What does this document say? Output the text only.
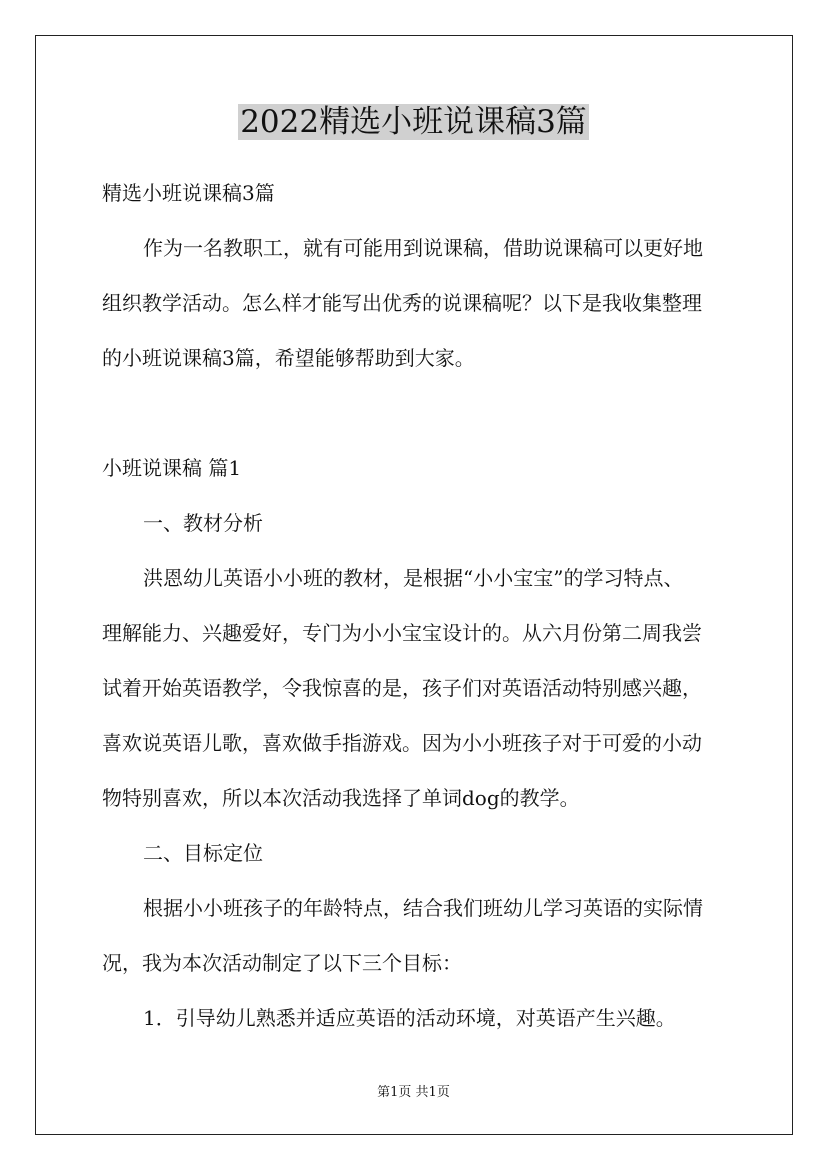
2022精选小班说课稿3篇
精选小班说课稿3篇
作为一名教职工，就有可能用到说课稿，借助说课稿可以更好地
组织教学活动。怎么样才能写出优秀的说课稿呢？以下是我收集整理
的小班说课稿3篇，希望能够帮助到大家。
小班说课稿 篇1
一、教材分析
洪恩幼儿英语小小班的教材，是根据“小小宝宝”的学习特点、
理解能力、兴趣爱好，专门为小小宝宝设计的。从六月份第二周我尝
试着开始英语教学，令我惊喜的是，孩子们对英语活动特别感兴趣，
喜欢说英语儿歌，喜欢做手指游戏。因为小小班孩子对于可爱的小动
物特别喜欢，所以本次活动我选择了单词dog的教学。
二、目标定位
根据小小班孩子的年龄特点，结合我们班幼儿学习英语的实际情
况，我为本次活动制定了以下三个目标：
1．引导幼儿熟悉并适应英语的活动环境，对英语产生兴趣。
第1页 共1页
